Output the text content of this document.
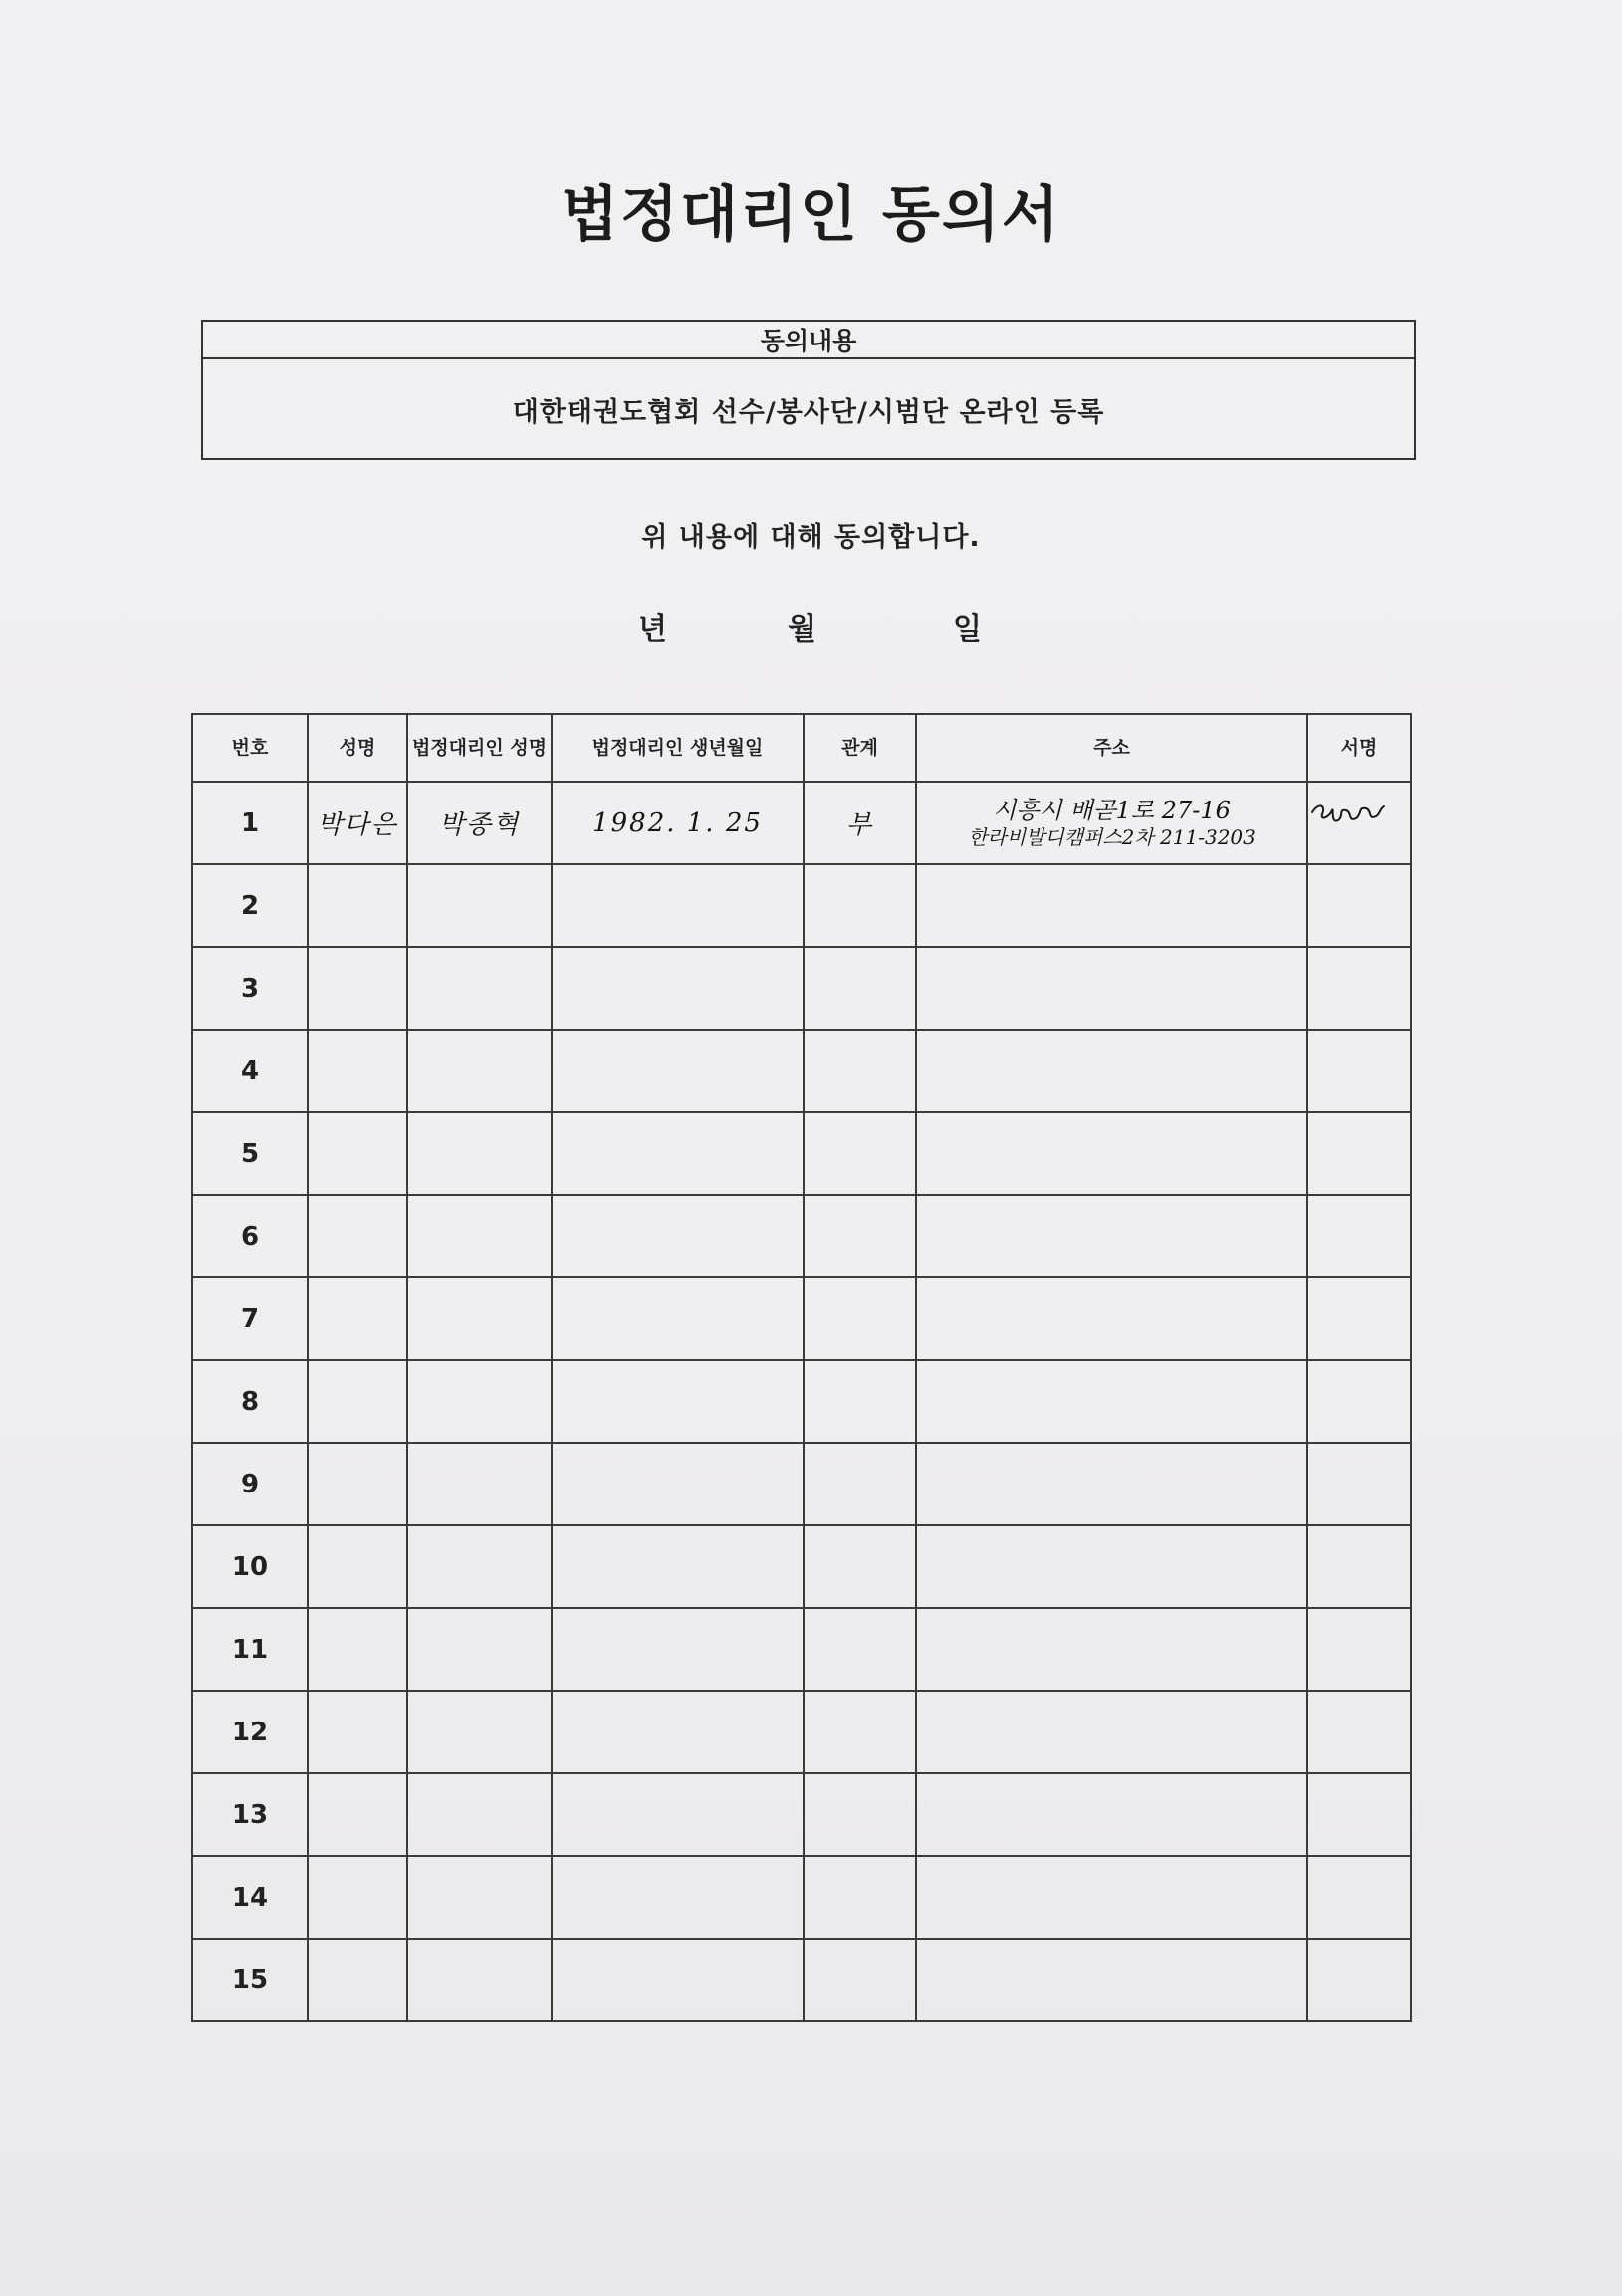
법정대리인 동의서
동의내용
대한태권도협회 선수/봉사단/시범단 온라인 등록
위 내용에 대해 동의합니다.
년	월	일
번호	성명	법정대리인 성명	법정대리인 생년월일	관계	주소	서명
1	박다은	박종혁	1982. 1. 25	부	시흥시 배곧1로 27-16
한라비발디캠퍼스2차 211-3203

2					

3					

4					

5					

6					

7					

8					

9					

10					

11					

12					

13					

14					

15					
